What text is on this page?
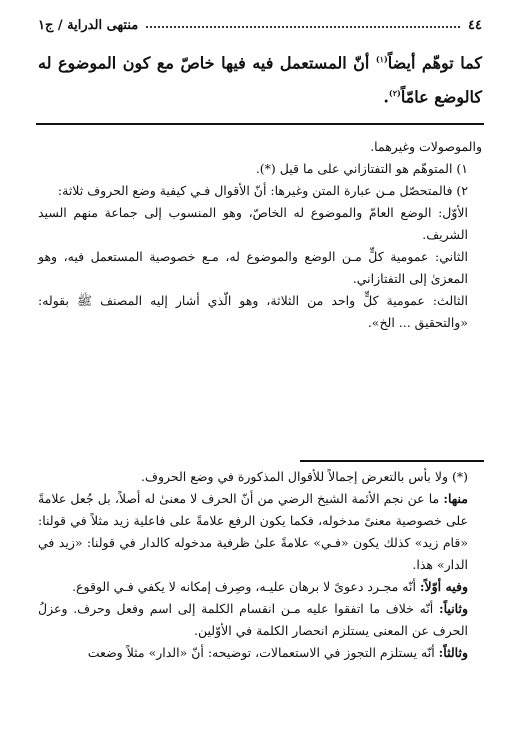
٤٤
منتهى الدراية / ج١
كما توهّم أيضاً$^{(١)}$ أنّ المستعمل فيه فيها خاصّ مع كون الموضوع له كالوضع عامّاً$^{(٢)}$.

والموصولات وغيرهما.

١) المتوهّم هو التفتازاني على ما قيل (*).

٢) فالمتحصّل مـن عبارة المتن وغيرها: أنّ الأقوال فـي كيفية وضع الحروف ثلاثة:

الأوّل: الوضع العامّ والموضوع له الخاصّ، وهو المنسوب إلى جماعة منهم السيد الشريف.

الثاني: عمومية كلٍّ مـن الوضع والموضوع له، مـع خصوصية المستعمل فيه، وهو المعزىٰ إلى التفتازاني.

الثالث: عمومية كلٍّ واحد من الثلاثة، وهو الّذي أشار إليه المصنف ﷺ بقوله: «والتحقيق ... الخ».

(*) ولا بأس بالتعرض إجمالاً للأقوال المذكورة في وضع الحروف.

منها: ما عن نجم الأئمة الشيخ الرضي من أنّ الحرف لا معنىٰ له أصلاً، بل جُعل علامةً على خصوصية معنىً مدخوله، فكما يكون الرفع علامةً على فاعلية زيد مثلاً في قولنا: «قام زيد» كذلك يكون «فـي» علامةً علىٰ ظرفية مدخوله كالدار في قولنا: «زيد في الدار» هذا.

وفيه أوّلاً: أنّه مجـرد دعوىً لا برهان عليـه، وصِرف إمكانه لا يكفي فـي الوقوع.

وثانياً: أنّه خلاف ما اتفقوا عليه مـن انقسام الكلمة إلى اسم وفعل وحرف. وعزلُ الحرف عن المعنى يستلزم انحصار الكلمة في الأوّلين.

وثالثاً: أنّه يستلزم التجوز في الاستعمالات، توضيحه: أنّ «الدار» مثلاً وضعت
